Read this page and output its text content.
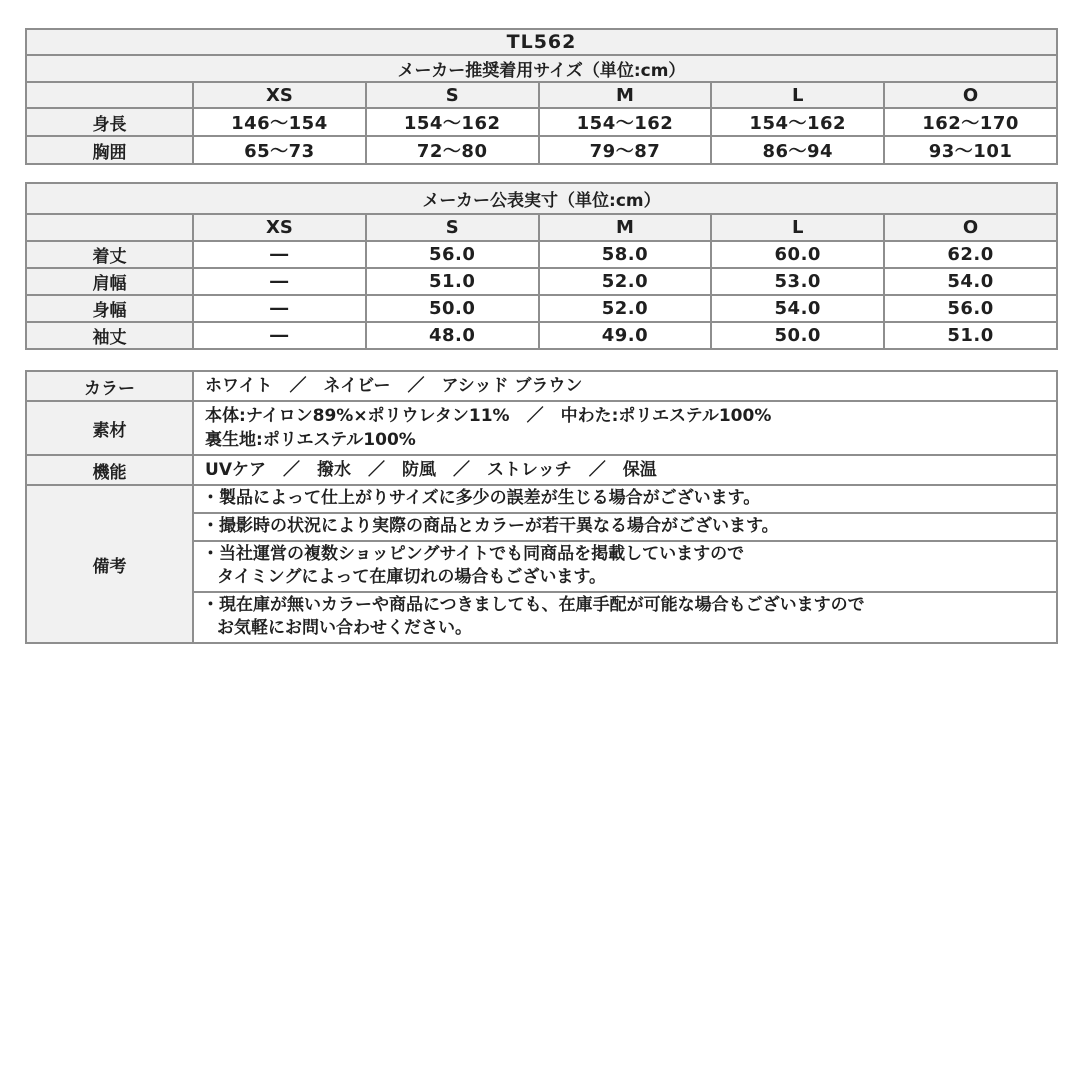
TL562					
メーカー推奨着用サイズ（単位:cm）					
	XS	S	M	L	O
身長	146～154	154～162	154～162	154～162	162～170
胸囲	65～73	72～80	79～87	86～94	93～101
メーカー公表実寸（単位:cm）					
	XS	S	M	L	O
着丈	―	56.0	58.0	60.0	62.0
肩幅	―	51.0	52.0	53.0	54.0
身幅	―	50.0	52.0	54.0	56.0
袖丈	―	48.0	49.0	50.0	51.0
カラー	ホワイト　／　ネイビー　／　アシッド ブラウン
素材	本体:ナイロン89%×ポリウレタン11%　／　中わた:ポリエステル100%
裏生地:ポリエステル100%

機能	UVケア　／　撥水　／　防風　／　ストレッチ　／　保温
備考	
・製品によって仕上がりサイズに多少の誤差が生じる場合がございます。
・撮影時の状況により実際の商品とカラーが若干異なる場合がございます。
・当社運営の複数ショッピングサイトでも同商品を掲載していますので
タイミングによって在庫切れの場合もございます。
・現在庫が無いカラーや商品につきましても、在庫手配が可能な場合もございますので
お気軽にお問い合わせください。
